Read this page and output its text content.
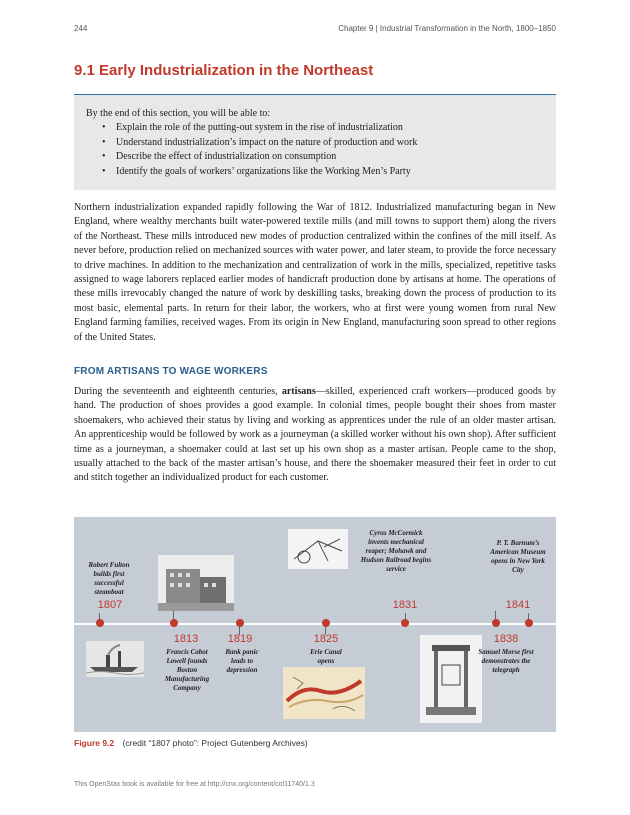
244	Chapter 9 | Industrial Transformation in the North, 1800–1850
9.1 Early Industrialization in the Northeast
By the end of this section, you will be able to:
• Explain the role of the putting-out system in the rise of industrialization
• Understand industrialization’s impact on the nature of production and work
• Describe the effect of industrialization on consumption
• Identify the goals of workers’ organizations like the Working Men’s Party

Northern industrialization expanded rapidly following the War of 1812. Industrialized manufacturing began in New England, where wealthy merchants built water-powered textile mills (and mill towns to support them) along the rivers of the Northeast. These mills introduced new modes of production centralized within the confines of the mill itself. As never before, production relied on mechanized sources with water power, and later steam, to provide the force necessary to drive machines. In addition to the mechanization and centralization of work in the mills, specialized, repetitive tasks assigned to wage laborers replaced earlier modes of handicraft production done by artisans at home. The operations of these mills irrevocably changed the nature of work by deskilling tasks, breaking down the process of production to its most basic, elemental parts. In return for their labor, the workers, who at first were young women from rural New England farming families, received wages. From its origin in New England, manufacturing soon spread to other regions of the United States.

FROM ARTISANS TO WAGE WORKERS

During the seventeenth and eighteenth centuries, artisans—skilled, experienced craft workers—produced goods by hand. The production of shoes provides a good example. In colonial times, people bought their shoes from master shoemakers, who achieved their status by living and working as apprentices under the rule of an older master artisan. An apprenticeship would be followed by work as a journeyman (a skilled worker without his own shop). After sufficient time as a journeyman, a shoemaker could at last set up his own shop as a master artisan. People came to the shop, usually attached to the back of the master artisan’s house, and there the shoemaker measured their feet in order to cut and stitch together an individualized product for each customer.

Robert Fulton builds first successful steamboat
1807
1813
Francis Cabot Lowell founds Boston Manufacturing Company
1819
Bank panic leads to depression
1825
Erie Canal opens
Cyrus McCormick invents mechanical reaper; Mohawk and Hudson Railroad begins service
1831
1838
Samuel Morse first demonstrates the telegraph
P. T. Barnum’s American Museum opens in New York City
1841
Figure 9.2 (credit “1807 photo”: Project Gutenberg Archives)
This OpenStax book is available for free at http://cnx.org/content/col11740/1.3
